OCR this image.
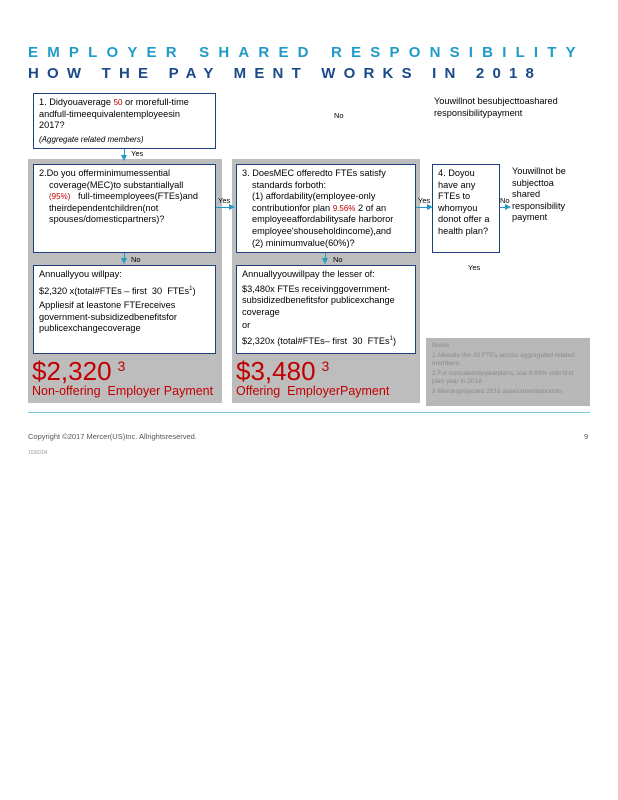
EMPLOYER SHARED RESPONSIBILITY
HOW THE PAY MENT WORKS IN 2018
1. Didyouaverage 50 or morefull-time
andfull-timeequivalentemployeesin
2017?
(Aggregate related members)
No
Youwillnot besubjecttoashared responsibilitypayment
Yes
2.Do you offerminimumessential
coverage(MEC)to substantiallyall
(95%) full-timeemployees(FTEs)and
theirdependentchildren(not
spouses/domesticpartners)?
Yes
3. DoesMEC offeredto FTEs satisfy
standards forboth:
(1) affordability(employee-only
contributionfor plan 9.56% 2 of an
employeeaffordabilitysafe harboror
employee'shouseholdincome),and
(2) minimumvalue(60%)?
Yes
4. Doyou have any FTEs to whomyou donot offer a health plan?
No
Youwillnot be subjecttoa shared responsibility payment
Yes
No	No
Annuallyyou willpay:
$2,320 x(total#FTEs – first 30 FTEs$^1$)
Appliesif at leastone FTEreceives
government-subsidizedbenefitsfor
publicexchangecoverage
Annuallyyouwillpay the lesser of:
$3,480x FTEs receivinggovernment-
subsidizedbenefitsfor publicexchange
coverage
or
$2,320x (total#FTEs– first 30 FTEs$^1$)
$2,320 $^3$
Non-offering  Employer Payment
$3,480 $^3$
Offering  EmployerPayment
Notes
1 Allocate the 30 FTEs across aggregated related members.
2 For noncalendaryearplans, use 9.69% until first plan year in 2018.
3 Mercerprojected 2018 assessmentamounts
Copyright ©2017 Mercer(US)Inc. Allrightsreserved.	9
1036204
